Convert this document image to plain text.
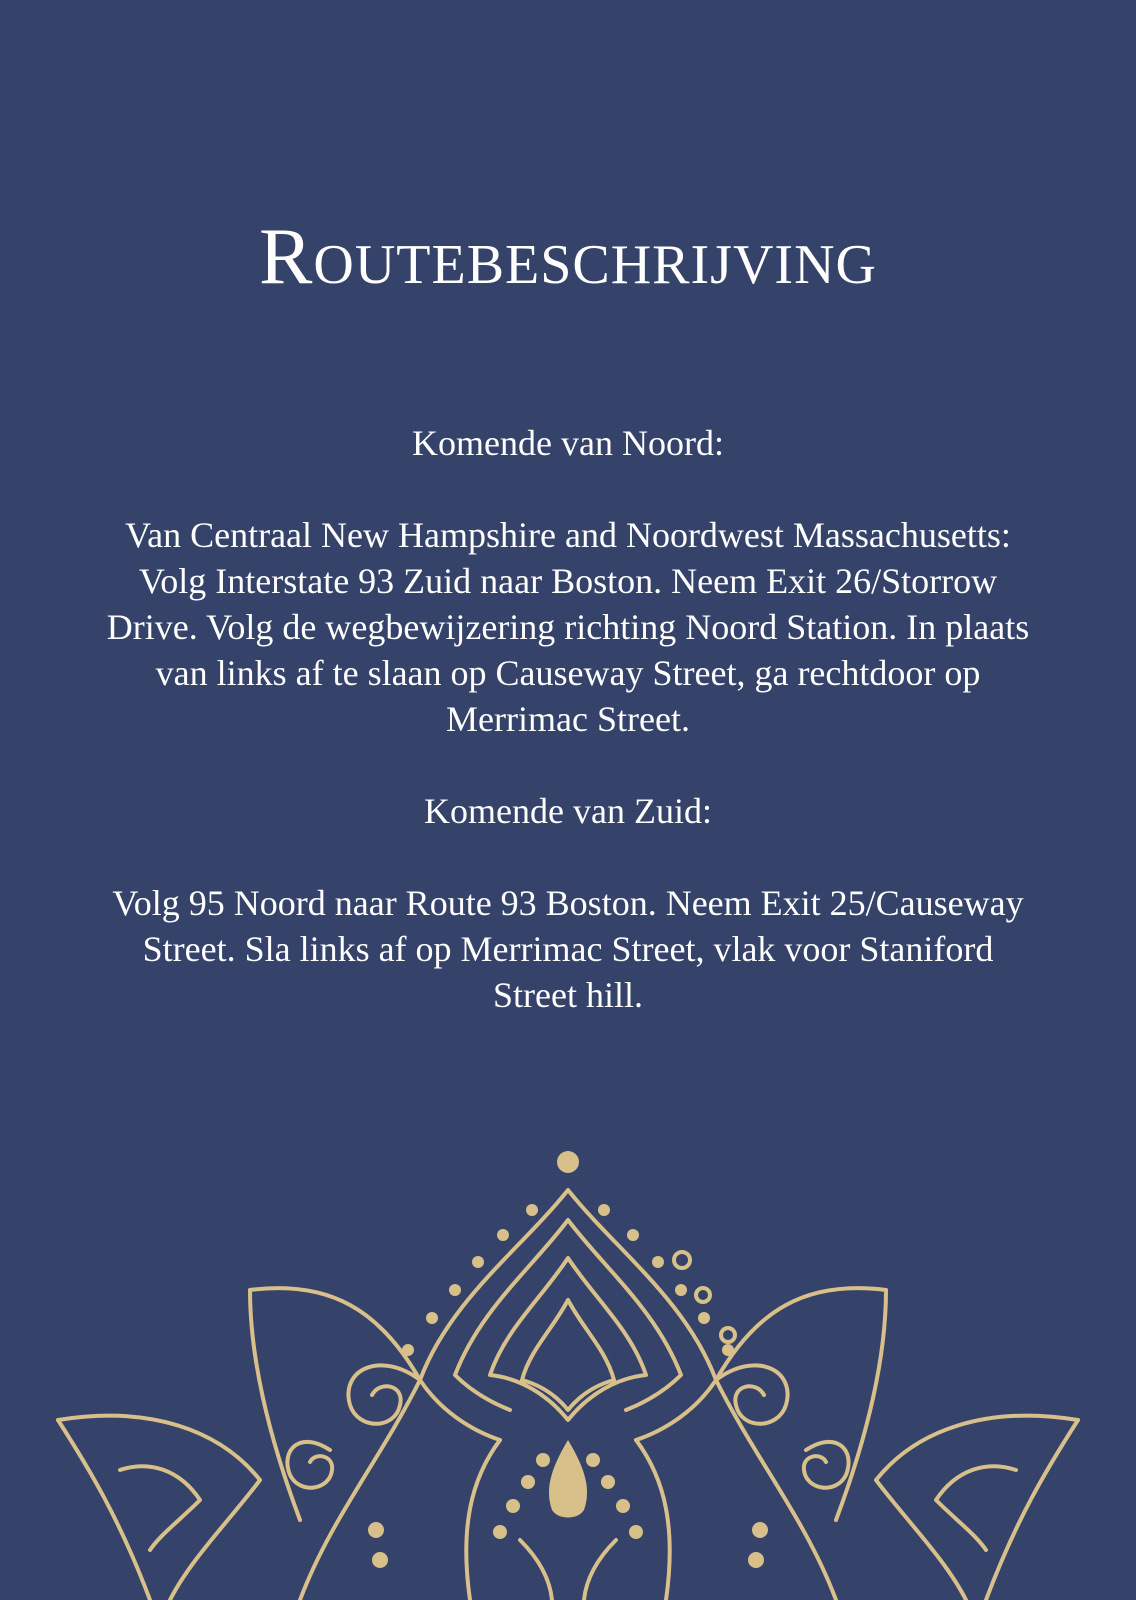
Routebeschrijving

Komende van Noord:

Van Centraal New Hampshire and Noordwest Massachusetts: Volg Interstate 93 Zuid naar Boston. Neem Exit 26/Storrow Drive. Volg de wegbewijzering richting Noord Station. In plaats van links af te slaan op Causeway Street, ga rechtdoor op Merrimac Street.

Komende van Zuid:

Volg 95 Noord naar Route 93 Boston. Neem Exit 25/Causeway Street. Sla links af op Merrimac Street, vlak voor Staniford Street hill.
